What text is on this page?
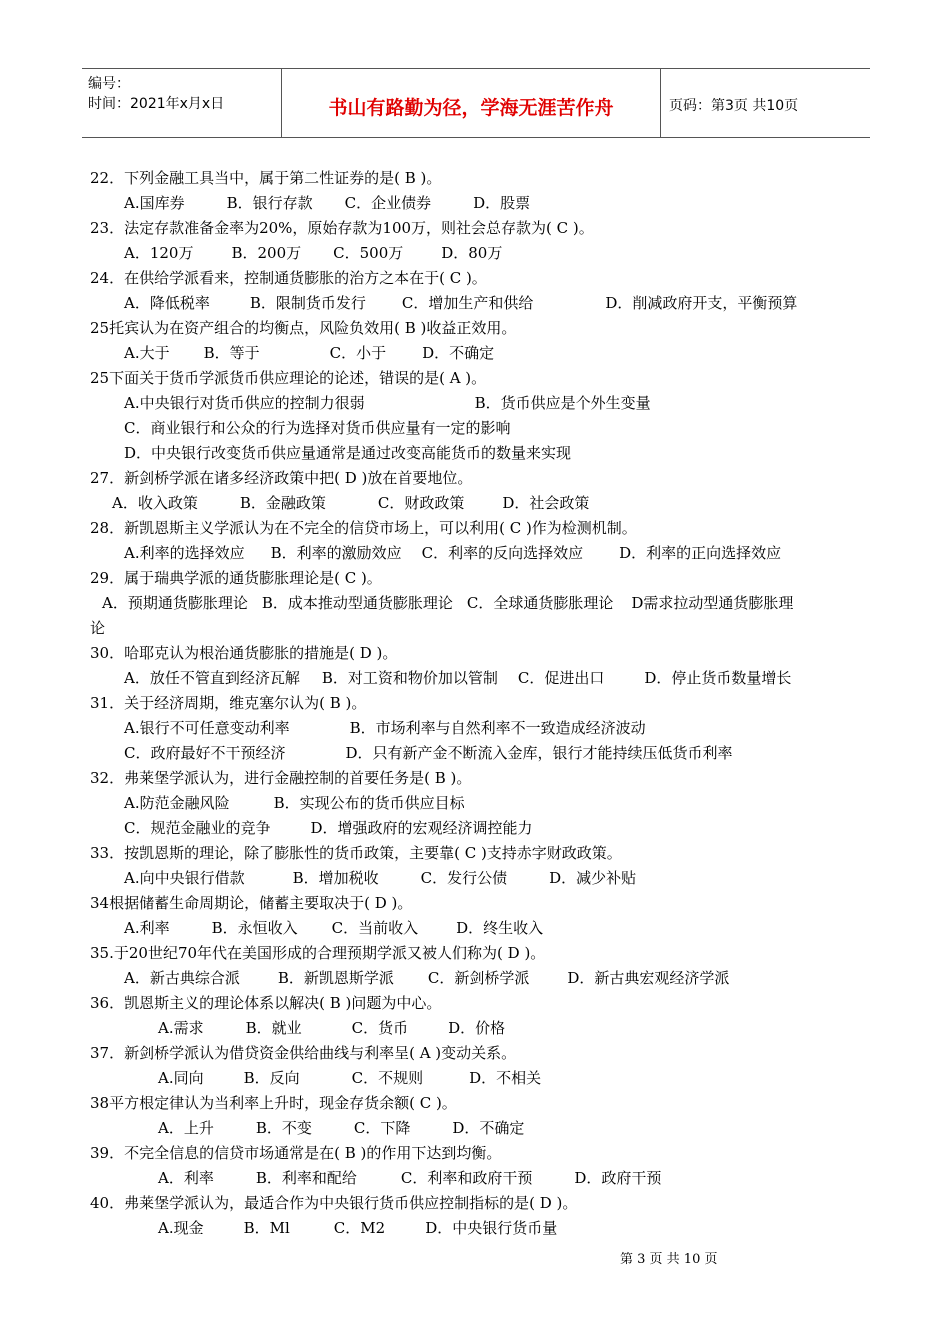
编号：
时间：2021年x月x日	书山有路勤为径，学海无涯苦作舟	页码：第3页 共10页
22．下列金融工具当中，属于第二性证券的是( B )。
A.国库券	B．银行存款 C．企业债券	D．股票
23．法定存款准备金率为20%，原始存款为100万，则社会总存款为( C )。
A．120万	B．200万 C．500万	D．80万
24．在供给学派看来，控制通货膨胀的治方之本在于( C )。
A．降低税率	B．限制货币发行 C．增加生产和供给	D．削减政府开支，平衡预算
25托宾认为在资产组合的均衡点，风险负效用( B )收益正效用。
A.大于 B．等于	C．小于 D．不确定
25下面关于货币学派货币供应理论的论述，错误的是( A )。
A.中央银行对货币供应的控制力很弱	B．货币供应是个外生变量
C．商业银行和公众的行为选择对货币供应量有一定的影响
D．中央银行改变货币供应量通常是通过改变高能货币的数量来实现
27．新剑桥学派在诸多经济政策中把( D )放在首要地位。
A．收入政策	B．金融政策	C．财政政策	D．社会政策
28．新凯恩斯主义学派认为在不完全的信贷市场上，可以利用( C )作为检测机制。
A.利率的选择效应 B．利率的激励效应 C．利率的反向选择效应 D．利率的正向选择效应
29．属于瑞典学派的通货膨胀理论是( C )。
A．预期通货膨胀理论 B．成本推动型通货膨胀理论 C．全球通货膨胀理论 D需求拉动型通货膨胀理
论
30．哈耶克认为根治通货膨胀的措施是( D )。
A．放任不管直到经济瓦解 B．对工资和物价加以管制 C．促进出口	D．停止货币数量增长
31．关于经济周期，维克塞尔认为( B )。
A.银行不可任意变动利率	B．市场利率与自然利率不一致造成经济波动
C．政府最好不干预经济	D．只有新产金不断流入金库，银行才能持续压低货币利率
32．弗莱堡学派认为，进行金融控制的首要任务是( B )。
A.防范金融风险	B．实现公布的货币供应目标
C．规范金融业的竞争	D．增强政府的宏观经济调控能力
33．按凯恩斯的理论，除了膨胀性的货币政策，主要靠( C )支持赤字财政政策。
A.向中央银行借款	B．增加税收	C．发行公债	D．减少补贴
34根据储蓄生命周期论，储蓄主要取决于( D )。
A.利率	B．永恒收入 C．当前收入	D．终生收入
35.于20世纪70年代在美国形成的合理预期学派又被人们称为( D )。
A．新古典综合派	B．新凯恩斯学派 C．新剑桥学派	D．新古典宏观经济学派
36．凯恩斯主义的理论体系以解决( B )问题为中心。
A.需求	B．就业	C．货币	D．价格
37．新剑桥学派认为借贷资金供给曲线与利率呈( A )变动关系。
A.同向	B．反向	C．不规则	D．不相关
38平方根定律认为当利率上升时，现金存货余额( C )。
A．上升	B．不变	C．下降	D．不确定
39．不完全信息的信贷市场通常是在( B )的作用下达到均衡。
A．利率	B．利率和配给	C．利率和政府干预	D．政府干预
40．弗莱堡学派认为，最适合作为中央银行货币供应控制指标的是( D )。
A.现金	B．Ml	C．M2	D．中央银行货币量
第 3 页 共 10 页
